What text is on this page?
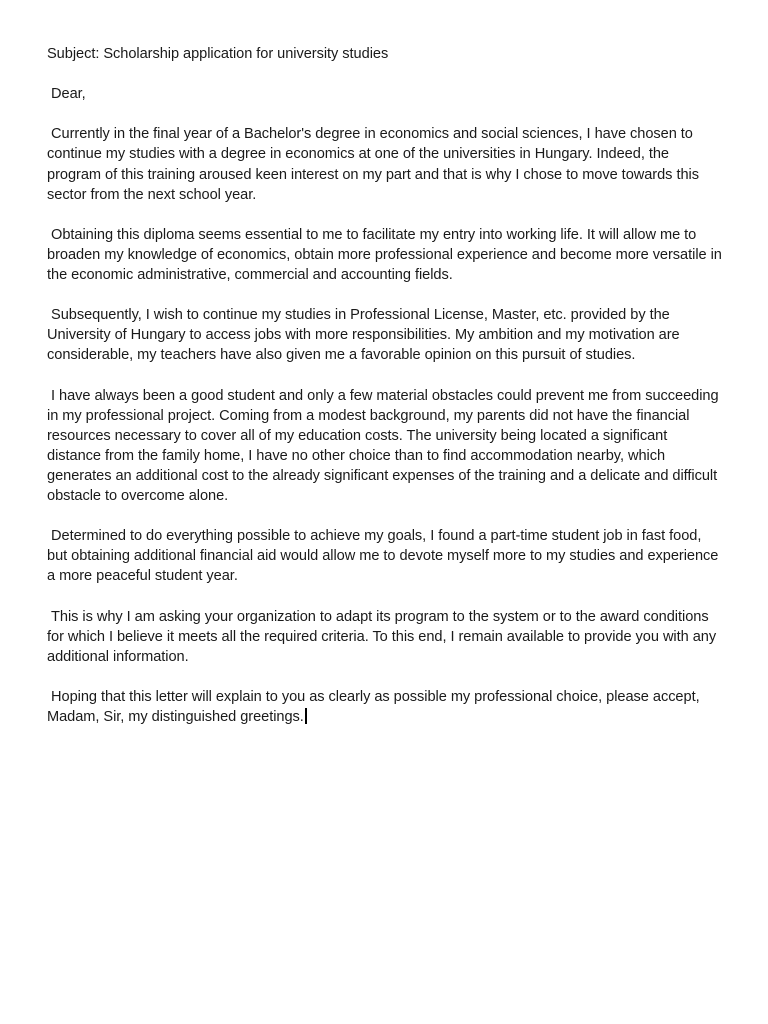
Subject: Scholarship application for university studies

Dear,

Currently in the final year of a Bachelor's degree in economics and social sciences, I have chosen to continue my studies with a degree in economics at one of the universities in Hungary. Indeed, the program of this training aroused keen interest on my part and that is why I chose to move towards this sector from the next school year.

Obtaining this diploma seems essential to me to facilitate my entry into working life. It will allow me to broaden my knowledge of economics, obtain more professional experience and become more versatile in the economic administrative, commercial and accounting fields.

Subsequently, I wish to continue my studies in Professional License, Master, etc. provided by the University of Hungary to access jobs with more responsibilities. My ambition and my motivation are considerable, my teachers have also given me a favorable opinion on this pursuit of studies.

I have always been a good student and only a few material obstacles could prevent me from succeeding in my professional project. Coming from a modest background, my parents did not have the financial resources necessary to cover all of my education costs. The university being located a significant distance from the family home, I have no other choice than to find accommodation nearby, which generates an additional cost to the already significant expenses of the training and a delicate and difficult obstacle to overcome alone.

Determined to do everything possible to achieve my goals, I found a part-time student job in fast food, but obtaining additional financial aid would allow me to devote myself more to my studies and experience a more peaceful student year.

This is why I am asking your organization to adapt its program to the system or to the award conditions for which I believe it meets all the required criteria. To this end, I remain available to provide you with any additional information.

Hoping that this letter will explain to you as clearly as possible my professional choice, please accept, Madam, Sir, my distinguished greetings.
